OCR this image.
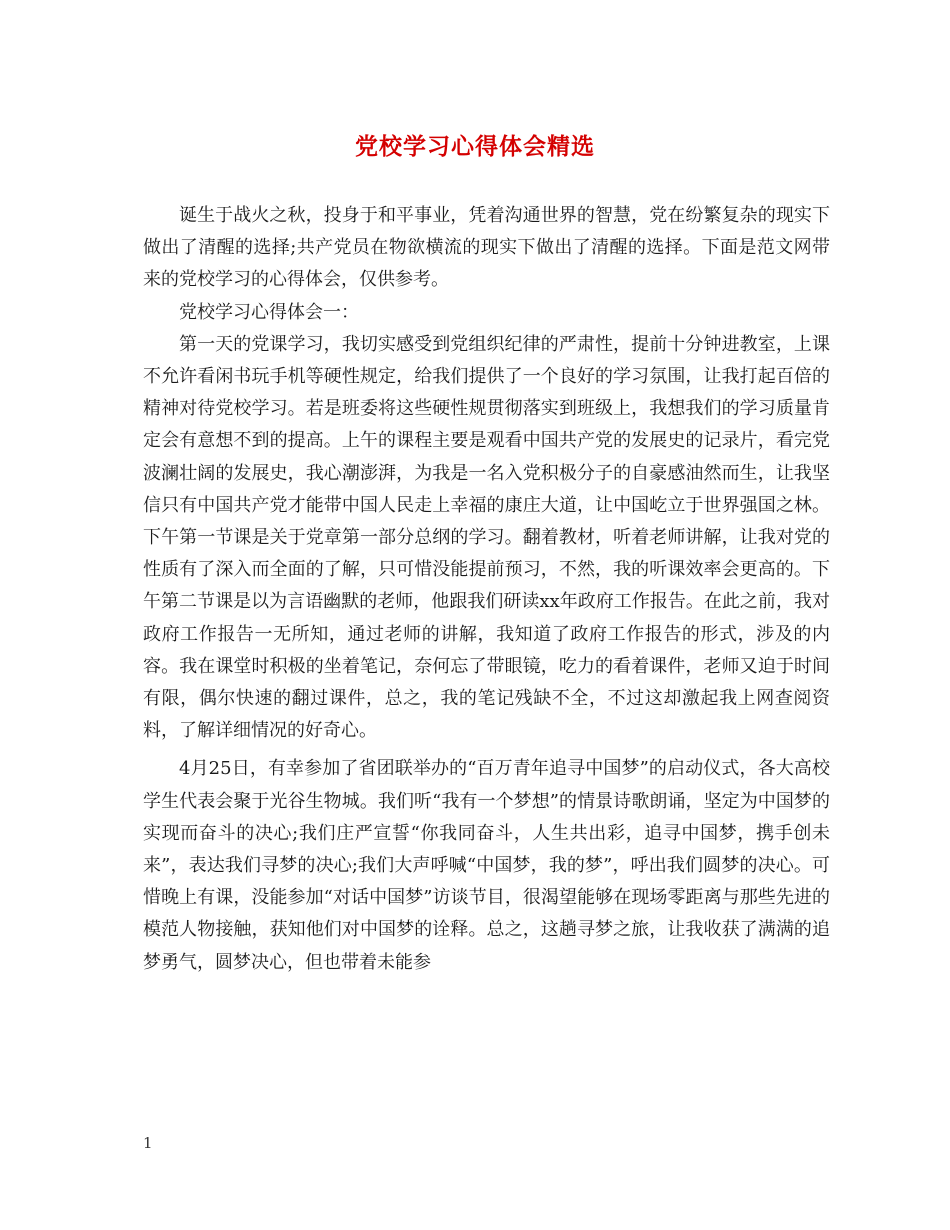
党校学习心得体会精选

诞生于战火之秋，投身于和平事业，凭着沟通世界的智慧，党在纷繁复杂的现实下做出了清醒的选择;共产党员在物欲横流的现实下做出了清醒的选择。下面是范文网带来的党校学习的心得体会，仅供参考。

党校学习心得体会一：

第一天的党课学习，我切实感受到党组织纪律的严肃性，提前十分钟进教室，上课不允许看闲书玩手机等硬性规定，给我们提供了一个良好的学习氛围，让我打起百倍的精神对待党校学习。若是班委将这些硬性规贯彻落实到班级上，我想我们的学习质量肯定会有意想不到的提高。上午的课程主要是观看中国共产党的发展史的记录片，看完党波澜壮阔的发展史，我心潮澎湃，为我是一名入党积极分子的自豪感油然而生，让我坚信只有中国共产党才能带中国人民走上幸福的康庄大道，让中国屹立于世界强国之林。下午第一节课是关于党章第一部分总纲的学习。翻着教材，听着老师讲解，让我对党的性质有了深入而全面的了解，只可惜没能提前预习，不然，我的听课效率会更高的。下午第二节课是以为言语幽默的老师，他跟我们研读xx年政府工作报告。在此之前，我对政府工作报告一无所知，通过老师的讲解，我知道了政府工作报告的形式，涉及的内容。我在课堂时积极的坐着笔记，奈何忘了带眼镜，吃力的看着课件，老师又迫于时间有限，偶尔快速的翻过课件，总之，我的笔记残缺不全，不过这却激起我上网查阅资料，了解详细情况的好奇心。

4月25日，有幸参加了省团联举办的“百万青年追寻中国梦”的启动仪式，各大高校学生代表会聚于光谷生物城。我们听“我有一个梦想”的情景诗歌朗诵，坚定为中国梦的实现而奋斗的决心;我们庄严宣誓“你我同奋斗，人生共出彩，追寻中国梦，携手创未来”，表达我们寻梦的决心;我们大声呼喊“中国梦，我的梦”，呼出我们圆梦的决心。可惜晚上有课，没能参加“对话中国梦”访谈节目，很渴望能够在现场零距离与那些先进的模范人物接触，获知他们对中国梦的诠释。总之，这趟寻梦之旅，让我收获了满满的追梦勇气，圆梦决心，但也带着未能参

1
